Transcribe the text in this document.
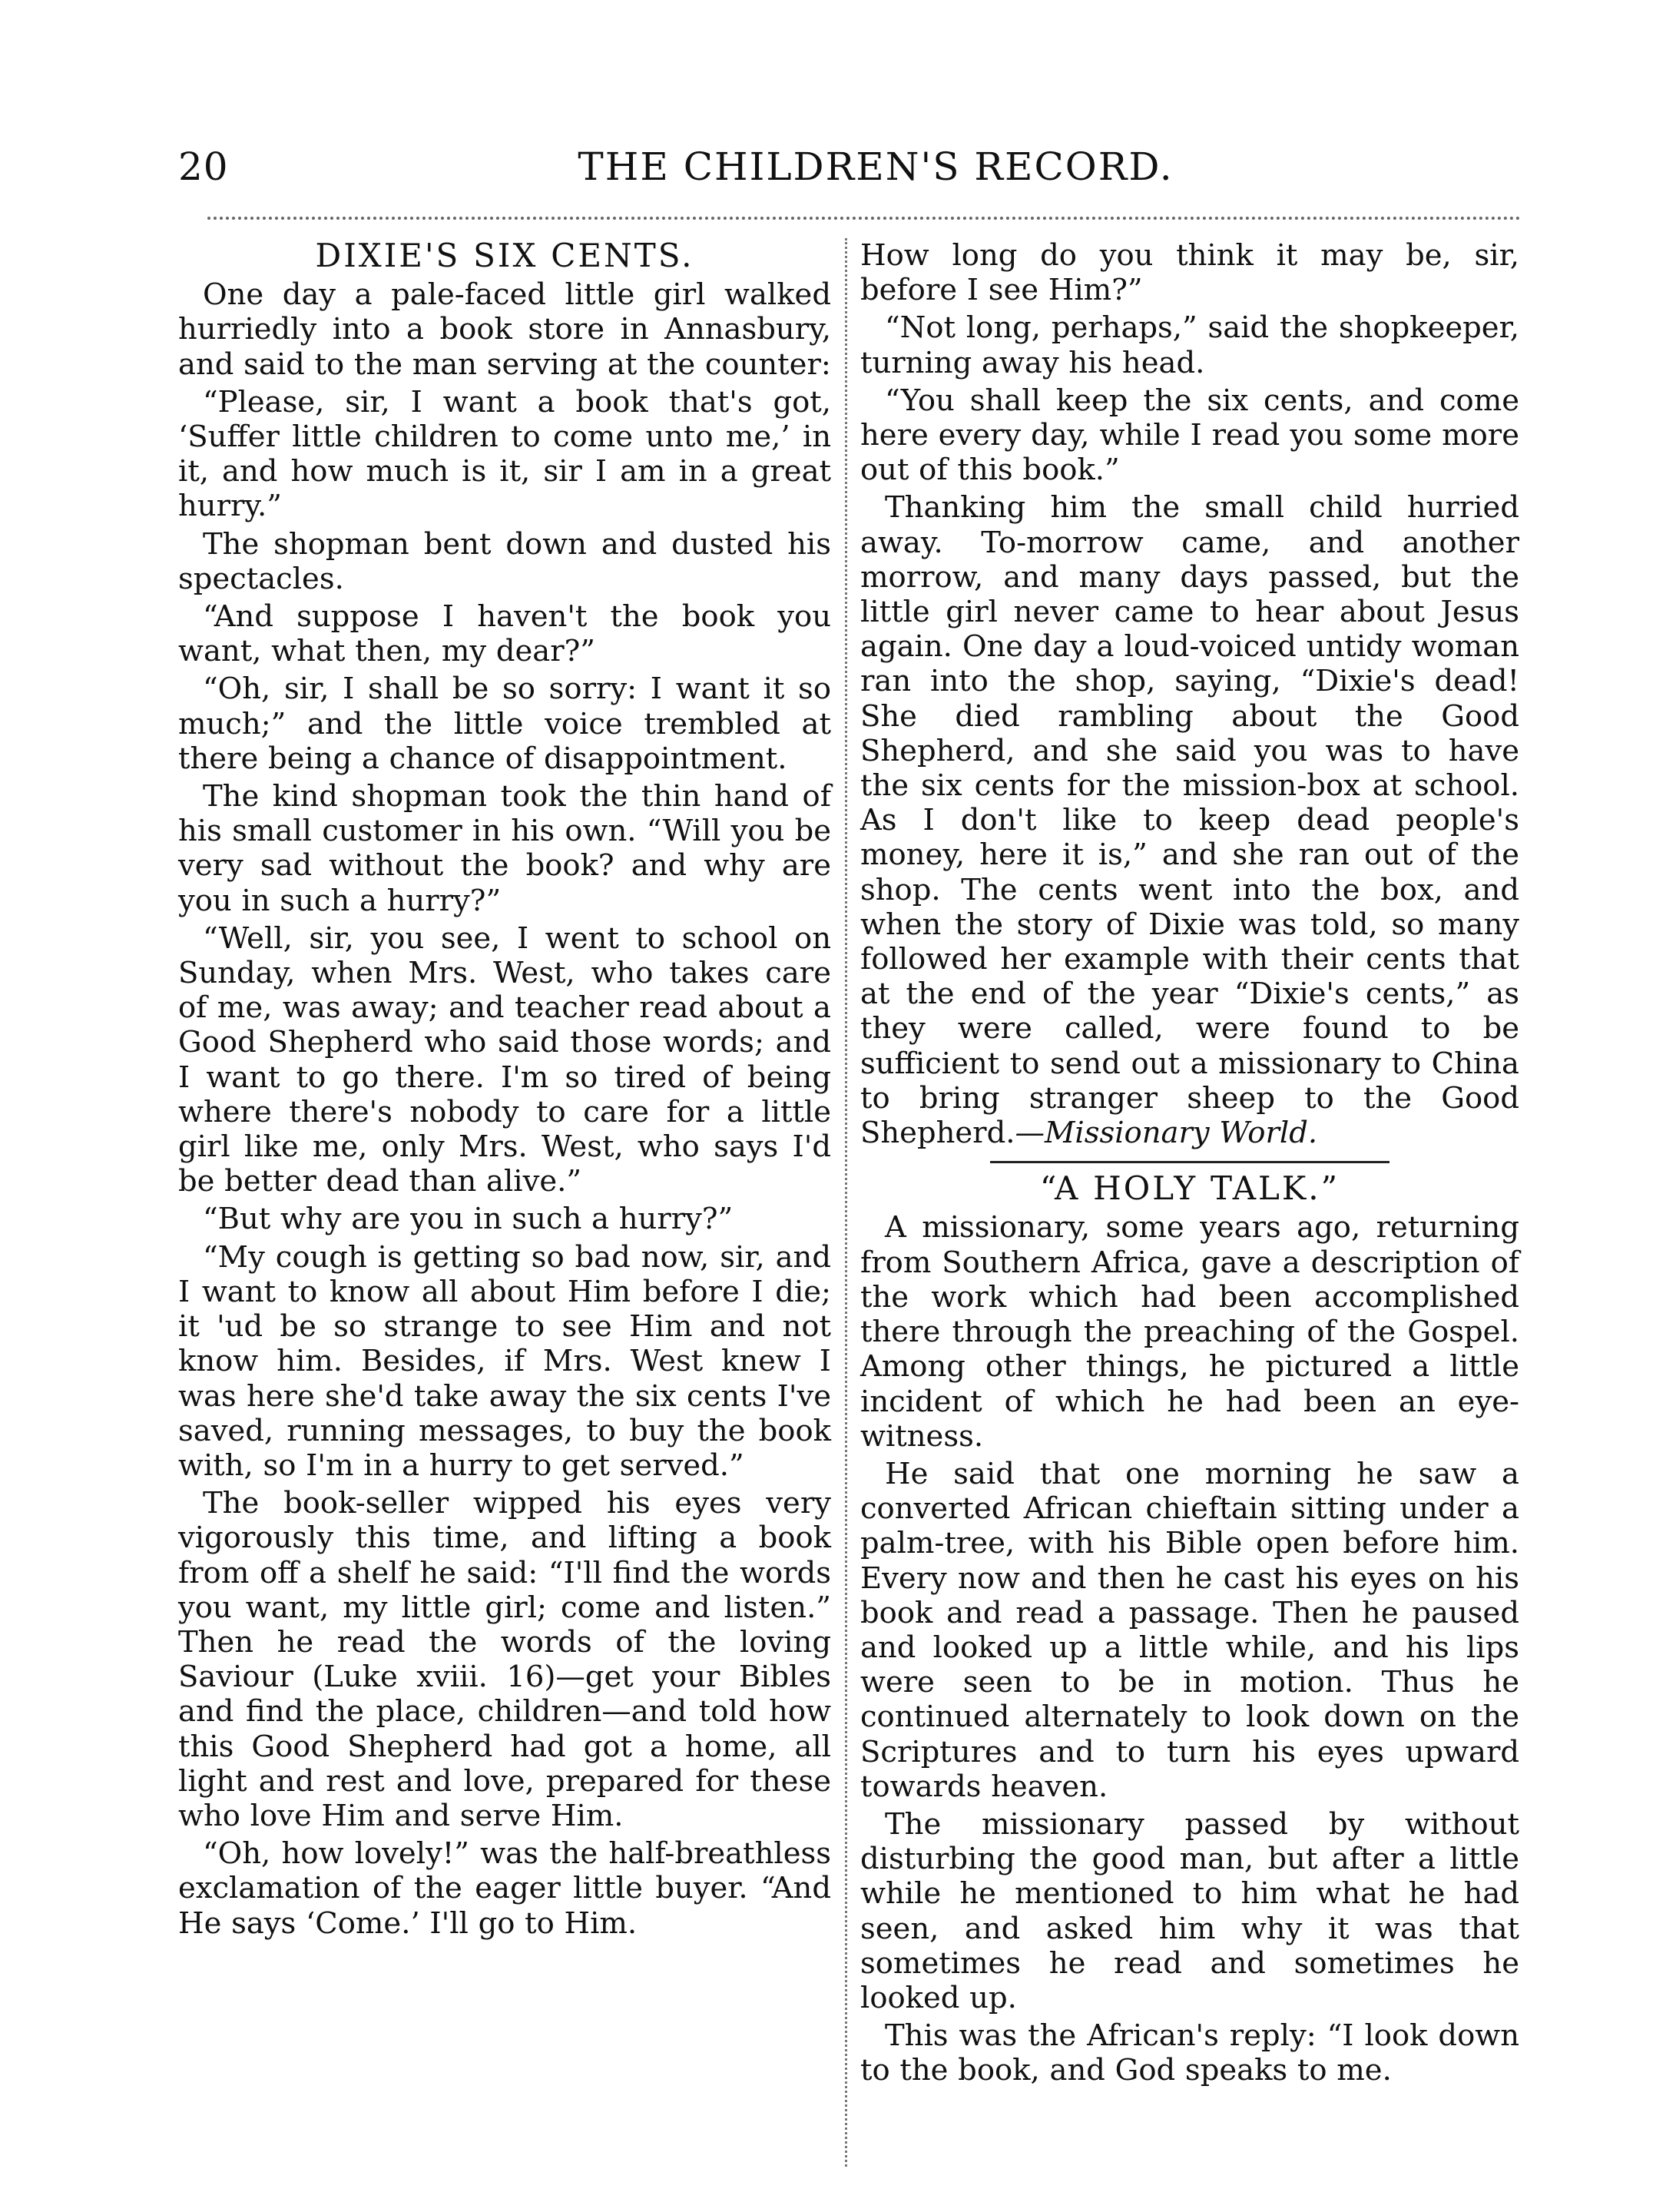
20	THE CHILDREN'S RECORD.
DIXIE'S SIX CENTS.

One day a pale-faced little girl walked hurriedly into a book store in Annasbury, and said to the man serving at the counter:

“Please, sir, I want a book that's got, ‘Suffer little children to come unto me,’ in it, and how much is it, sir I am in a great hurry.”

The shopman bent down and dusted his spectacles.

“And suppose I haven't the book you want, what then, my dear?”

“Oh, sir, I shall be so sorry: I want it so much;” and the little voice trembled at there being a chance of disappointment.

The kind shopman took the thin hand of his small customer in his own. “Will you be very sad without the book? and why are you in such a hurry?”

“Well, sir, you see, I went to school on Sunday, when Mrs. West, who takes care of me, was away; and teacher read about a Good Shepherd who said those words; and I want to go there. I'm so tired of being where there's nobody to care for a little girl like me, only Mrs. West, who says I'd be better dead than alive.”

“But why are you in such a hurry?”

“My cough is getting so bad now, sir, and I want to know all about Him before I die; it 'ud be so strange to see Him and not know him. Besides, if Mrs. West knew I was here she'd take away the six cents I've saved, running messages, to buy the book with, so I'm in a hurry to get served.”

The book-seller wipped his eyes very vigorously this time, and lifting a book from off a shelf he said: “I'll find the words you want, my little girl; come and listen.” Then he read the words of the loving Saviour (Luke xviii. 16)—get your Bibles and find the place, children—and told how this Good Shepherd had got a home, all light and rest and love, prepared for these who love Him and serve Him.

“Oh, how lovely!” was the half-breathless exclamation of the eager little buyer. “And He says ‘Come.’ I'll go to Him.

How long do you think it may be, sir, before I see Him?”

“Not long, perhaps,” said the shopkeeper, turning away his head.

“You shall keep the six cents, and come here every day, while I read you some more out of this book.”

Thanking him the small child hurried away. To-morrow came, and another morrow, and many days passed, but the little girl never came to hear about Jesus again. One day a loud-voiced untidy woman ran into the shop, saying, “Dixie's dead! She died rambling about the Good Shepherd, and she said you was to have the six cents for the mission-box at school. As I don't like to keep dead people's money, here it is,” and she ran out of the shop. The cents went into the box, and when the story of Dixie was told, so many followed her example with their cents that at the end of the year “Dixie's cents,” as they were called, were found to be sufficient to send out a missionary to China to bring stranger sheep to the Good Shepherd.—Missionary World.

“A HOLY TALK.”

A missionary, some years ago, returning from Southern Africa, gave a description of the work which had been accomplished there through the preaching of the Gospel. Among other things, he pictured a little incident of which he had been an eye-witness.

He said that one morning he saw a converted African chieftain sitting under a palm-tree, with his Bible open before him. Every now and then he cast his eyes on his book and read a passage. Then he paused and looked up a little while, and his lips were seen to be in motion. Thus he continued alternately to look down on the Scriptures and to turn his eyes upward towards heaven.

The missionary passed by without disturbing the good man, but after a little while he mentioned to him what he had seen, and asked him why it was that sometimes he read and sometimes he looked up.

This was the African's reply: “I look down to the book, and God speaks to me.
